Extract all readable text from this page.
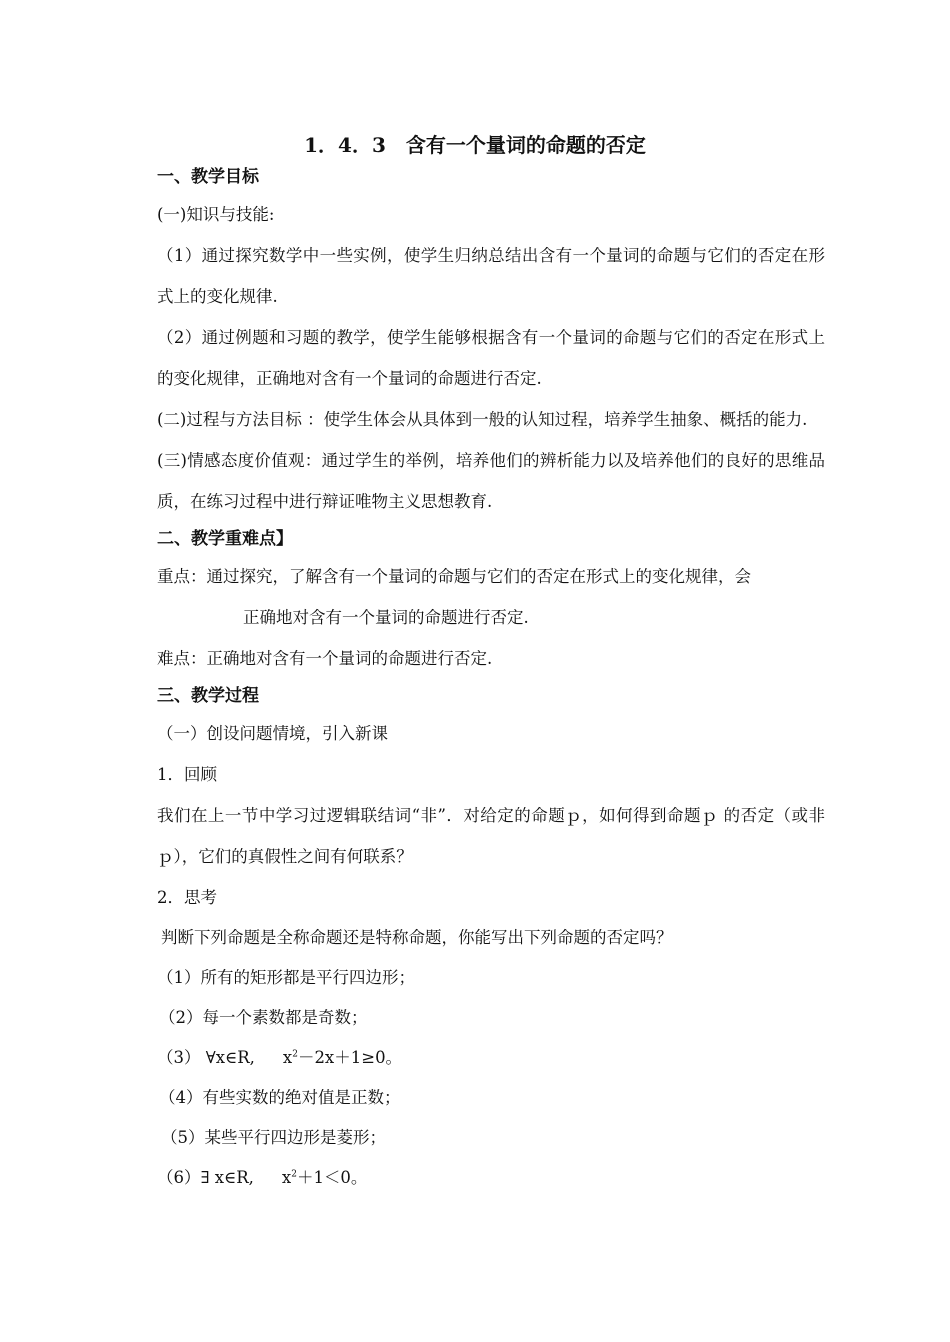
1．4．3　含有一个量词的命题的否定
一、教学目标
(一)知识与技能:
（1）通过探究数学中一些实例，使学生归纳总结出含有一个量词的命题与它们的否定在形式上的变化规律.
（2）通过例题和习题的教学，使学生能够根据含有一个量词的命题与它们的否定在形式上的变化规律，正确地对含有一个量词的命题进行否定.
(二)过程与方法目标 ：使学生体会从具体到一般的认知过程，培养学生抽象、概括的能力.
(三)情感态度价值观：通过学生的举例，培养他们的辨析能力以及培养他们的良好的思维品质，在练习过程中进行辩证唯物主义思想教育.
二、教学重难点】
重点：通过探究，了解含有一个量词的命题与它们的否定在形式上的变化规律，会
正确地对含有一个量词的命题进行否定.
难点：正确地对含有一个量词的命题进行否定.
三、教学过程
（一）创设问题情境，引入新课
1．回顾
我们在上一节中学习过逻辑联结词“非”．对给定的命题ｐ，如何得到命题ｐ 的否定（或非ｐ），它们的真假性之间有何联系？
2．思考
判断下列命题是全称命题还是特称命题，你能写出下列命题的否定吗？
（1）所有的矩形都是平行四边形；
（2）每一个素数都是奇数；
（3） ∀x∈R, $x^2-2x+1\ge 0$。
（4）有些实数的绝对值是正数；
（5）某些平行四边形是菱形；
（6）∃ x∈R, $x^2+1<0$。
